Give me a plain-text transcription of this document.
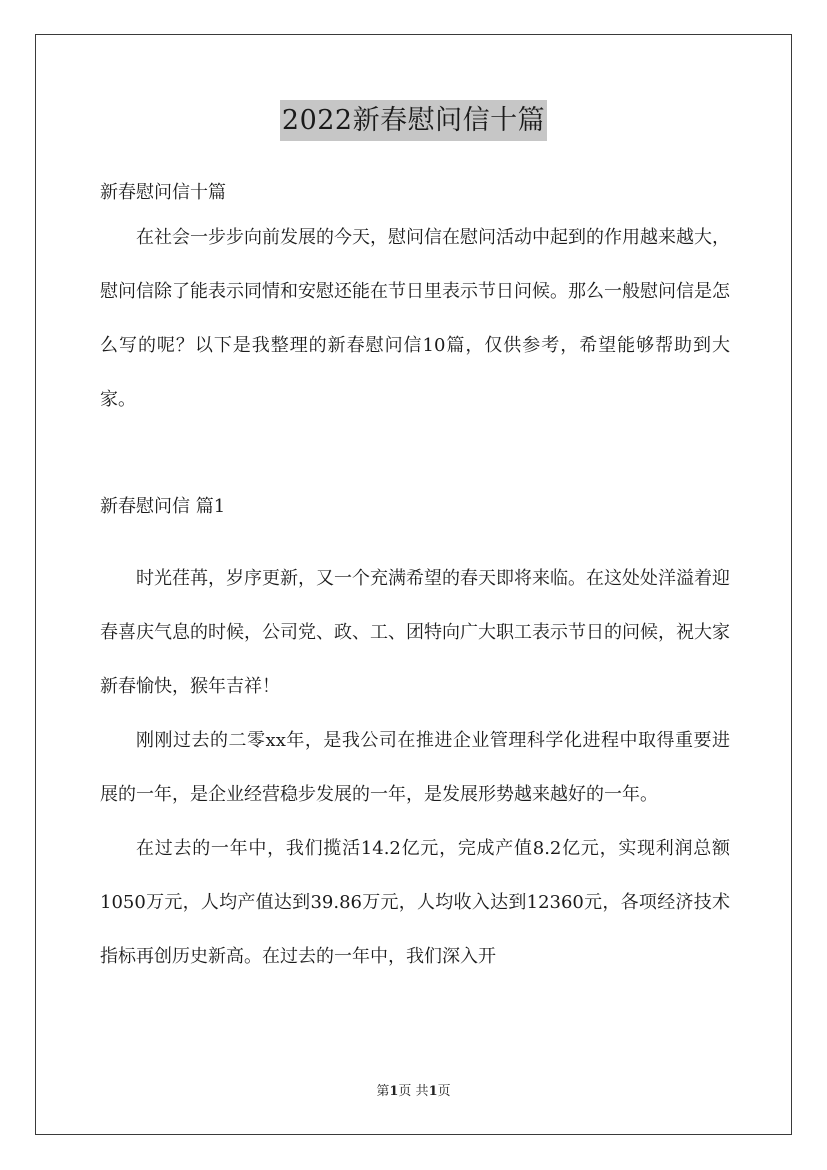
2022新春慰问信十篇

新春慰问信十篇

在社会一步步向前发展的今天，慰问信在慰问活动中起到的作用越来越大，慰问信除了能表示同情和安慰还能在节日里表示节日问候。那么一般慰问信是怎么写的呢？以下是我整理的新春慰问信10篇，仅供参考，希望能够帮助到大家。

新春慰问信 篇1

时光荏苒，岁序更新，又一个充满希望的春天即将来临。在这处处洋溢着迎春喜庆气息的时候，公司党、政、工、团特向广大职工表示节日的问候，祝大家新春愉快，猴年吉祥！

刚刚过去的二零xx年，是我公司在推进企业管理科学化进程中取得重要进展的一年，是企业经营稳步发展的一年，是发展形势越来越好的一年。

在过去的一年中，我们揽活14.2亿元，完成产值8.2亿元，实现利润总额1050万元，人均产值达到39.86万元，人均收入达到12360元，各项经济技术指标再创历史新高。在过去的一年中，我们深入开

第1页 共1页
